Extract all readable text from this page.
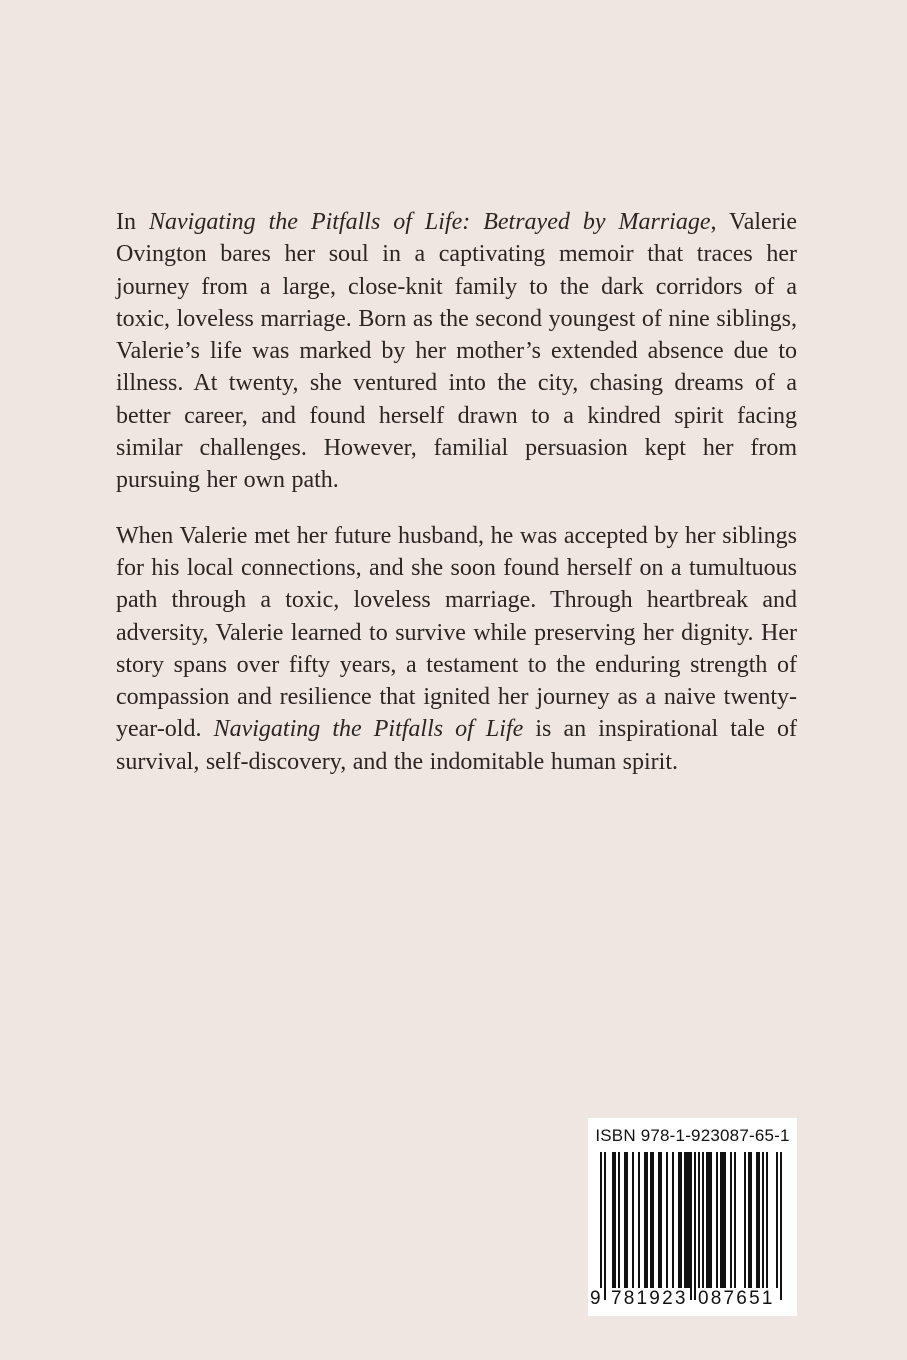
In Navigating the Pitfalls of Life: Betrayed by Marriage, Valerie Ovington bares her soul in a captivating memoir that traces her journey from a large, close-knit family to the dark corridors of a toxic, loveless marriage. Born as the second youngest of nine siblings, Valerie’s life was marked by her mother’s extended absence due to illness. At twenty, she ventured into the city, chasing dreams of a better career, and found herself drawn to a kindred spirit facing similar challenges. However, familial persuasion kept her from pursuing her own path.

When Valerie met her future husband, he was accepted by her siblings for his local connections, and she soon found herself on a tumultuous path through a toxic, loveless marriage. Through heartbreak and adversity, Valerie learned to survive while preserving her dignity. Her story spans over fifty years, a testament to the enduring strength of compassion and resilience that ignited her journey as a naive twenty-year-old. Navigating the Pitfalls of Life is an inspirational tale of survival, self-discovery, and the indomitable human spirit.

ISBN 978-1-923087-65-1
9 781923 087651
